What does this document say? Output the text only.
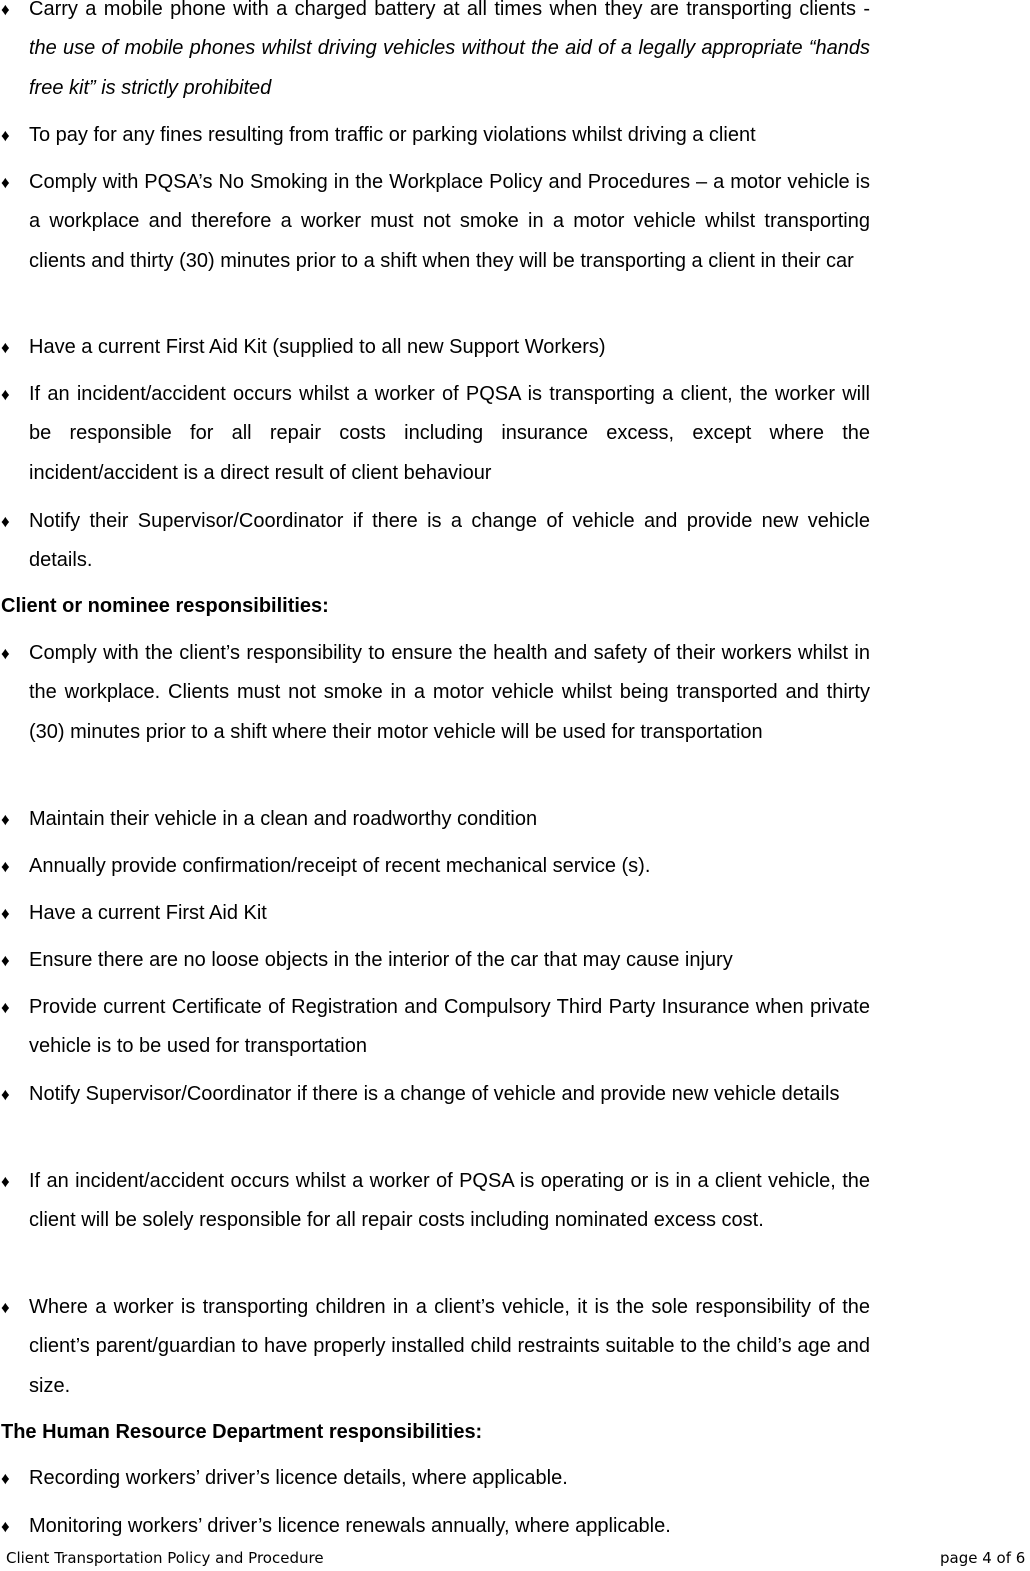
♦ Carry a mobile phone with a charged battery at all times when they are transporting clients - the use of mobile phones whilst driving vehicles without the aid of a legally appropriate “hands free kit” is strictly prohibited
♦ To pay for any fines resulting from traffic or parking violations whilst driving a client
♦ Comply with PQSA’s No Smoking in the Workplace Policy and Procedures – a motor vehicle is a workplace and therefore a worker must not smoke in a motor vehicle whilst transporting clients and thirty (30) minutes prior to a shift when they will be transporting a client in their car
♦ Have a current First Aid Kit (supplied to all new Support Workers)
♦ If an incident/accident occurs whilst a worker of PQSA is transporting a client, the worker will be responsible for all repair costs including insurance excess, except where the incident/accident is a direct result of client behaviour
♦ Notify their Supervisor/Coordinator if there is a change of vehicle and provide new vehicle details.
Client or nominee responsibilities:
♦ Comply with the client’s responsibility to ensure the health and safety of their workers whilst in the workplace. Clients must not smoke in a motor vehicle whilst being transported and thirty (30) minutes prior to a shift where their motor vehicle will be used for transportation
♦ Maintain their vehicle in a clean and roadworthy condition
♦ Annually provide confirmation/receipt of recent mechanical service (s).
♦ Have a current First Aid Kit
♦ Ensure there are no loose objects in the interior of the car that may cause injury
♦ Provide current Certificate of Registration and Compulsory Third Party Insurance when private vehicle is to be used for transportation
♦ Notify Supervisor/Coordinator if there is a change of vehicle and provide new vehicle details
♦ If an incident/accident occurs whilst a worker of PQSA is operating or is in a client vehicle, the client will be solely responsible for all repair costs including nominated excess cost.
♦ Where a worker is transporting children in a client’s vehicle, it is the sole responsibility of the client’s parent/guardian to have properly installed child restraints suitable to the child’s age and size.
The Human Resource Department responsibilities:
♦ Recording workers’ driver’s licence details, where applicable.
♦ Monitoring workers’ driver’s licence renewals annually, where applicable.
Client Transportation Policy and Procedure	page 4 of 6
